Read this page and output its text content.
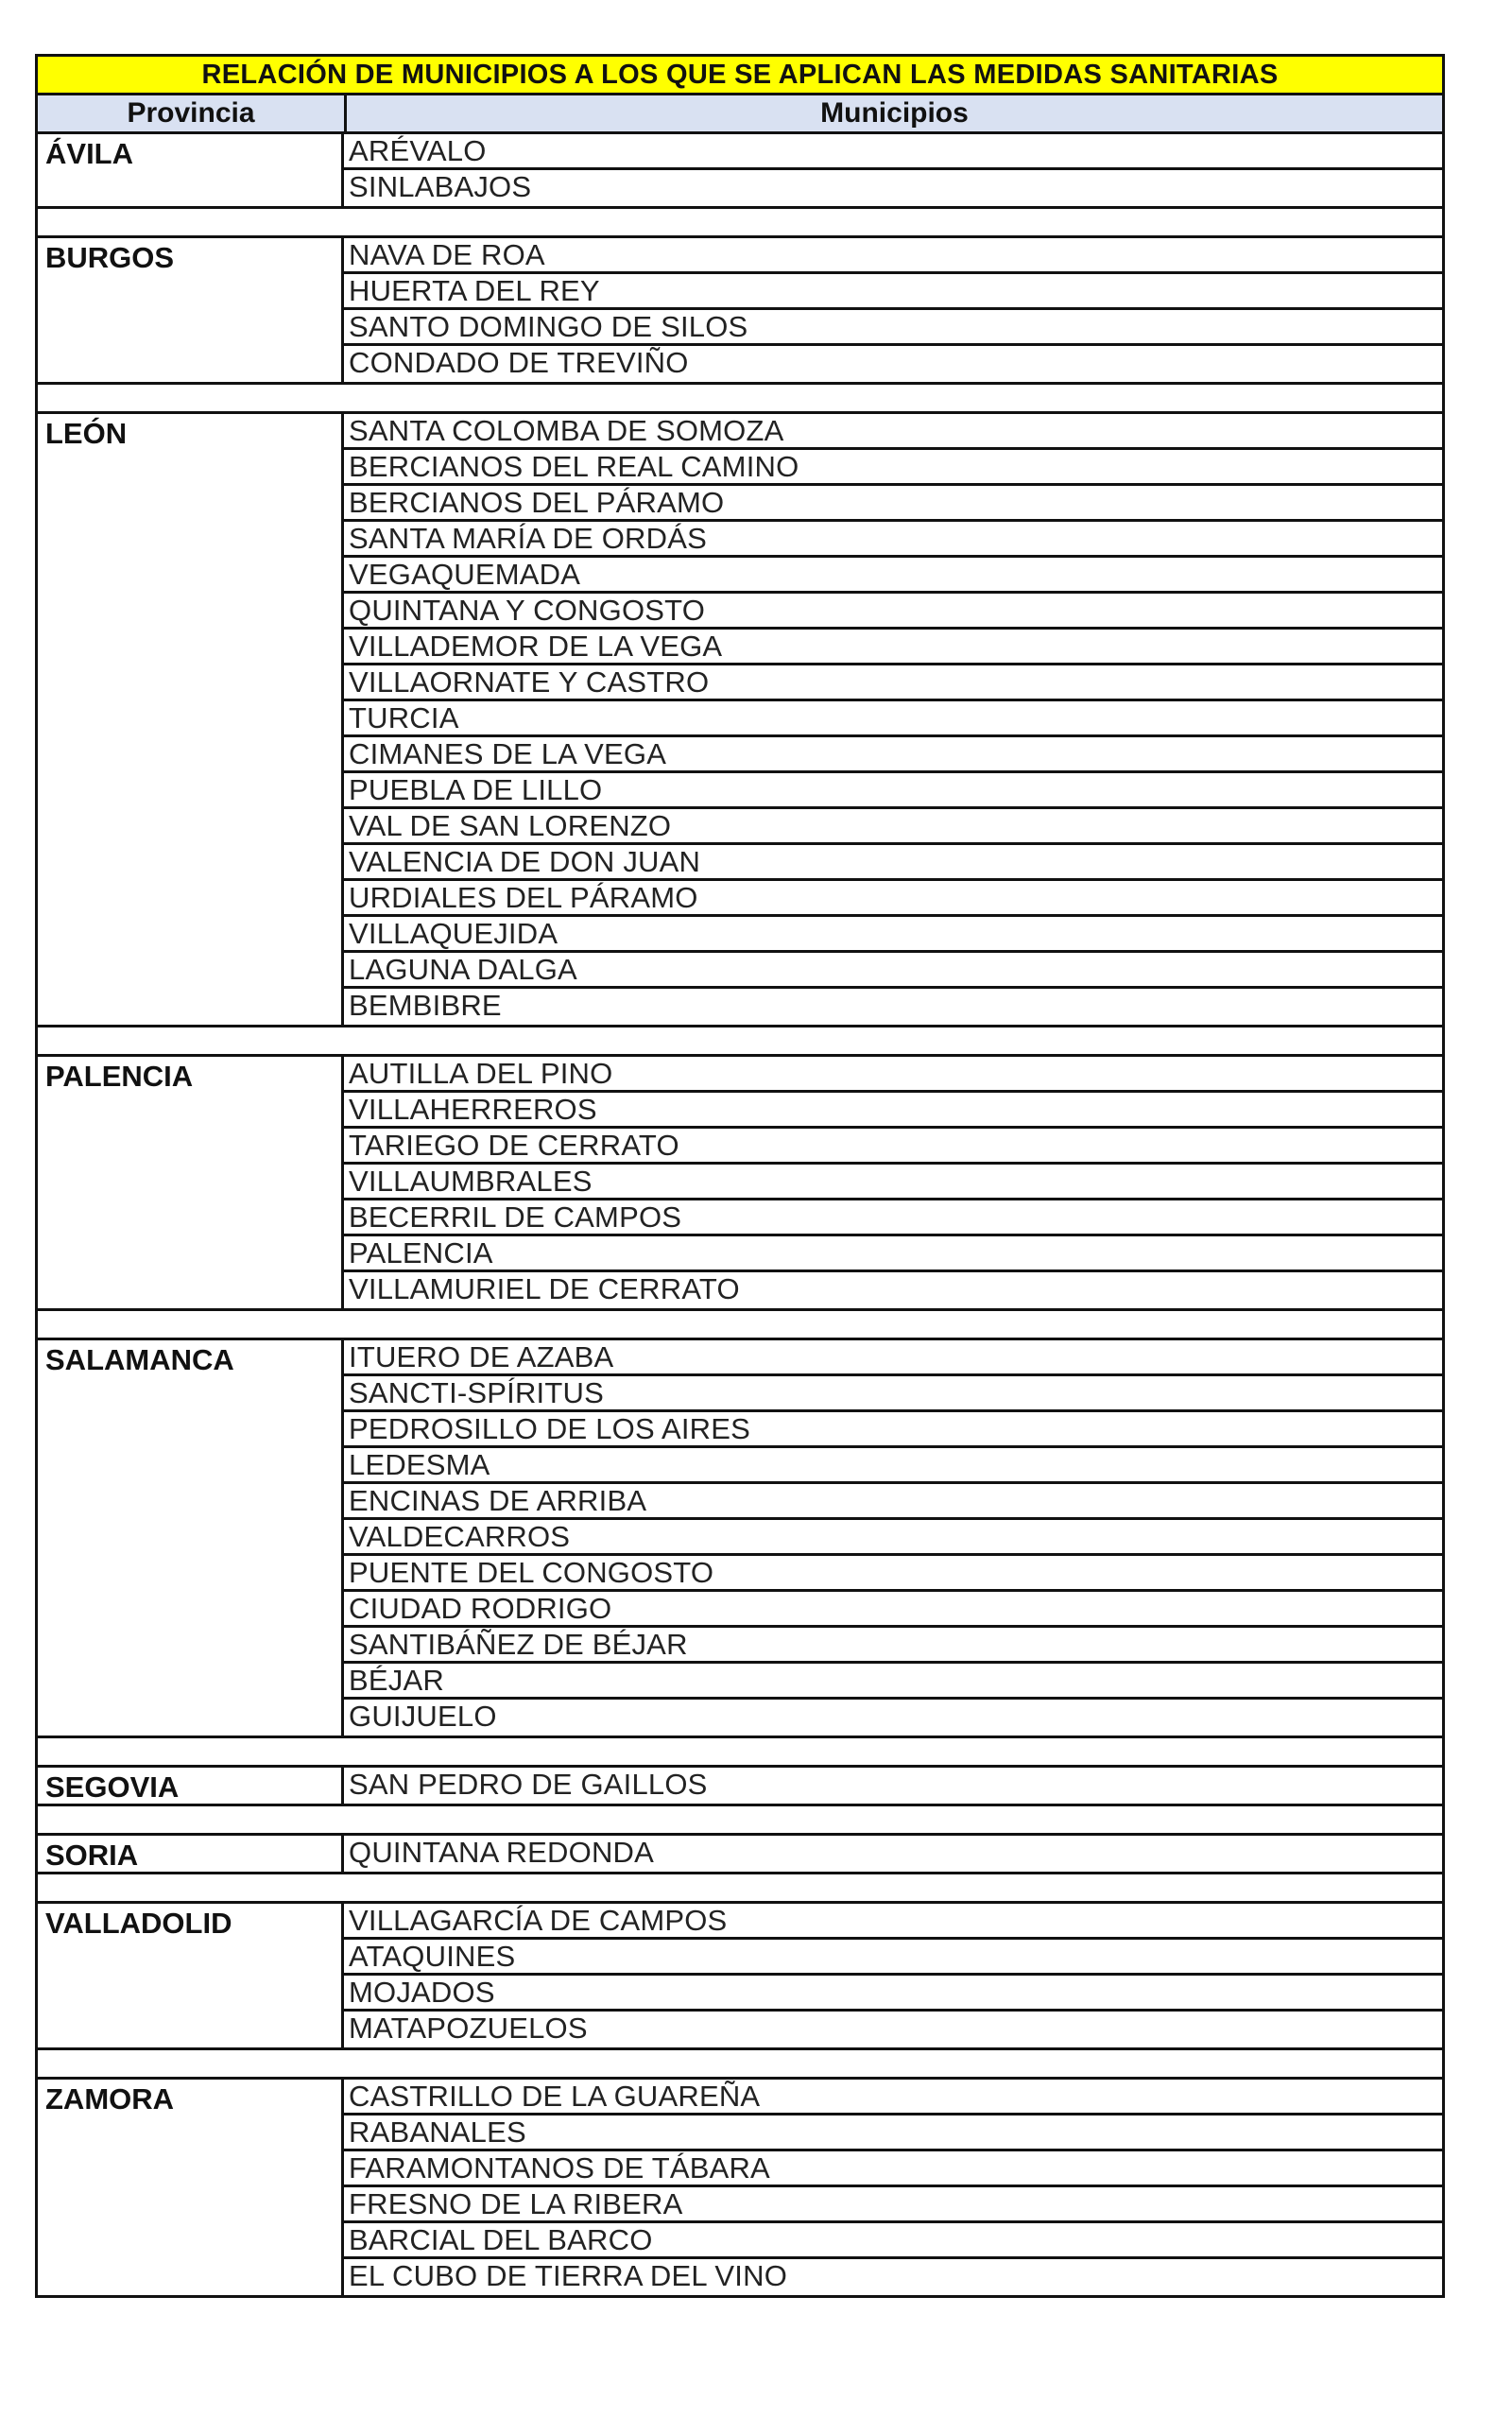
RELACIÓN DE MUNICIPIOS A LOS QUE SE APLICAN LAS MEDIDAS SANITARIAS
Provincia	Municipios
ÁVILA	ARÉVALO
SINLABAJOS
BURGOS	NAVA DE ROA
HUERTA DEL REY
SANTO DOMINGO DE SILOS
CONDADO DE TREVIÑO
LEÓN	SANTA COLOMBA DE SOMOZA
BERCIANOS DEL REAL CAMINO
BERCIANOS DEL PÁRAMO
SANTA MARÍA DE ORDÁS
VEGAQUEMADA
QUINTANA Y CONGOSTO
VILLADEMOR DE LA VEGA
VILLAORNATE Y CASTRO
TURCIA
CIMANES DE LA VEGA
PUEBLA DE LILLO
VAL DE SAN LORENZO
VALENCIA DE DON JUAN
URDIALES DEL PÁRAMO
VILLAQUEJIDA
LAGUNA DALGA
BEMBIBRE
PALENCIA	AUTILLA DEL PINO
VILLAHERREROS
TARIEGO DE CERRATO
VILLAUMBRALES
BECERRIL DE CAMPOS
PALENCIA
VILLAMURIEL DE CERRATO
SALAMANCA	ITUERO DE AZABA
SANCTI-SPÍRITUS
PEDROSILLO DE LOS AIRES
LEDESMA
ENCINAS DE ARRIBA
VALDECARROS
PUENTE DEL CONGOSTO
CIUDAD RODRIGO
SANTIBÁÑEZ DE BÉJAR
BÉJAR
GUIJUELO
SEGOVIA	SAN PEDRO DE GAILLOS
SORIA	QUINTANA REDONDA
VALLADOLID	VILLAGARCÍA DE CAMPOS
ATAQUINES
MOJADOS
MATAPOZUELOS
ZAMORA	CASTRILLO DE LA GUAREÑA
RABANALES
FARAMONTANOS DE TÁBARA
FRESNO DE LA RIBERA
BARCIAL DEL BARCO
EL CUBO DE TIERRA DEL VINO
